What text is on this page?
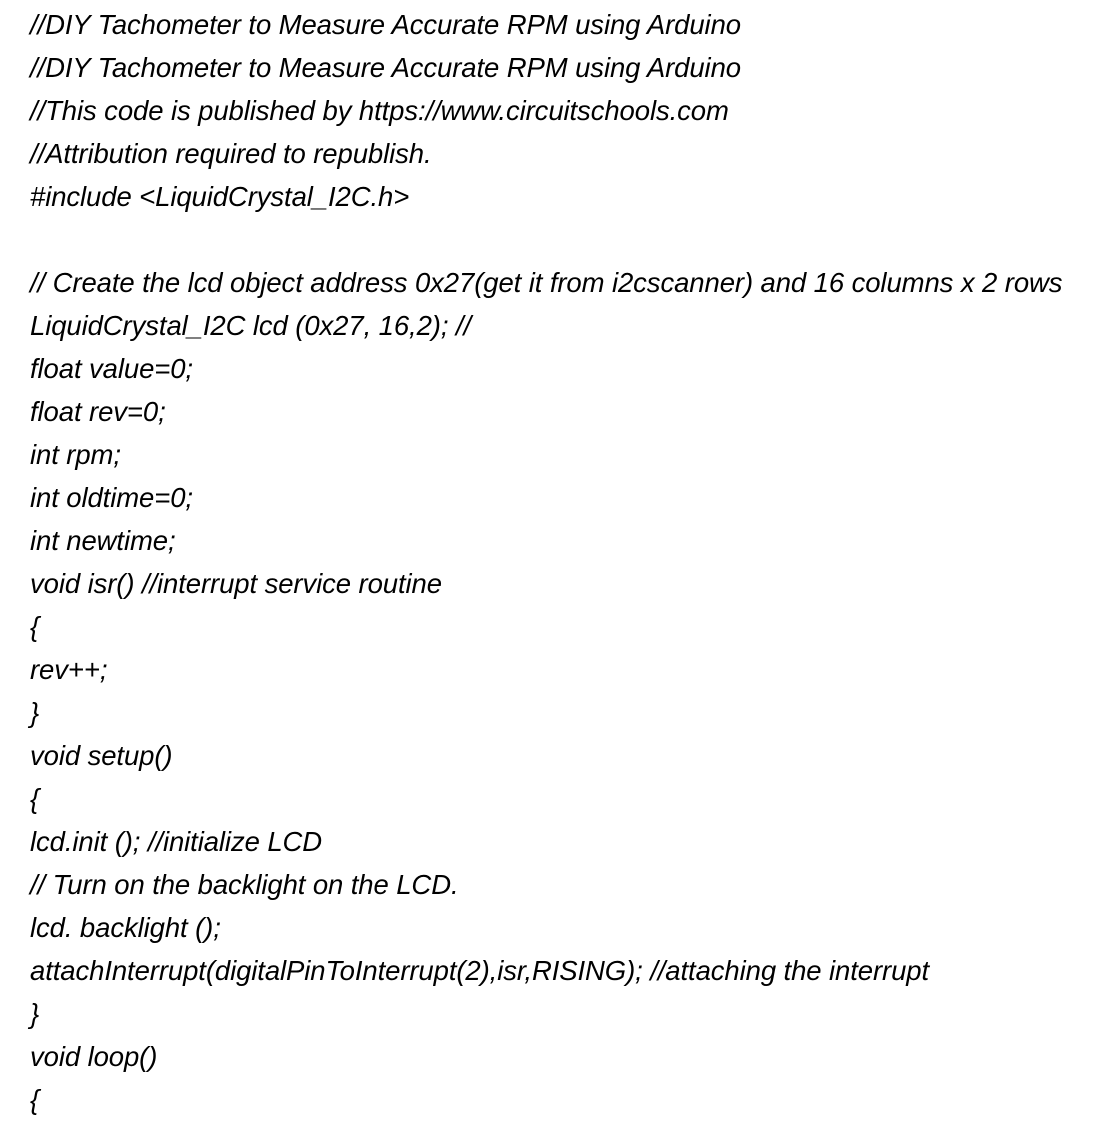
//DIY Tachometer to Measure Accurate RPM using Arduino
//DIY Tachometer to Measure Accurate RPM using Arduino
//This code is published by https://www.circuitschools.com
//Attribution required to republish.
#include <LiquidCrystal_I2C.h>
// Create the lcd object address 0x27(get it from i2cscanner) and 16 columns x 2 rows
LiquidCrystal_I2C lcd (0x27, 16,2); //
float value=0;
float rev=0;
int rpm;
int oldtime=0;
int newtime;
void isr() //interrupt service routine
{
rev++;
}
void setup()
{
lcd.init (); //initialize LCD
// Turn on the backlight on the LCD.
lcd. backlight ();
attachInterrupt(digitalPinToInterrupt(2),isr,RISING); //attaching the interrupt
}
void loop()
{
